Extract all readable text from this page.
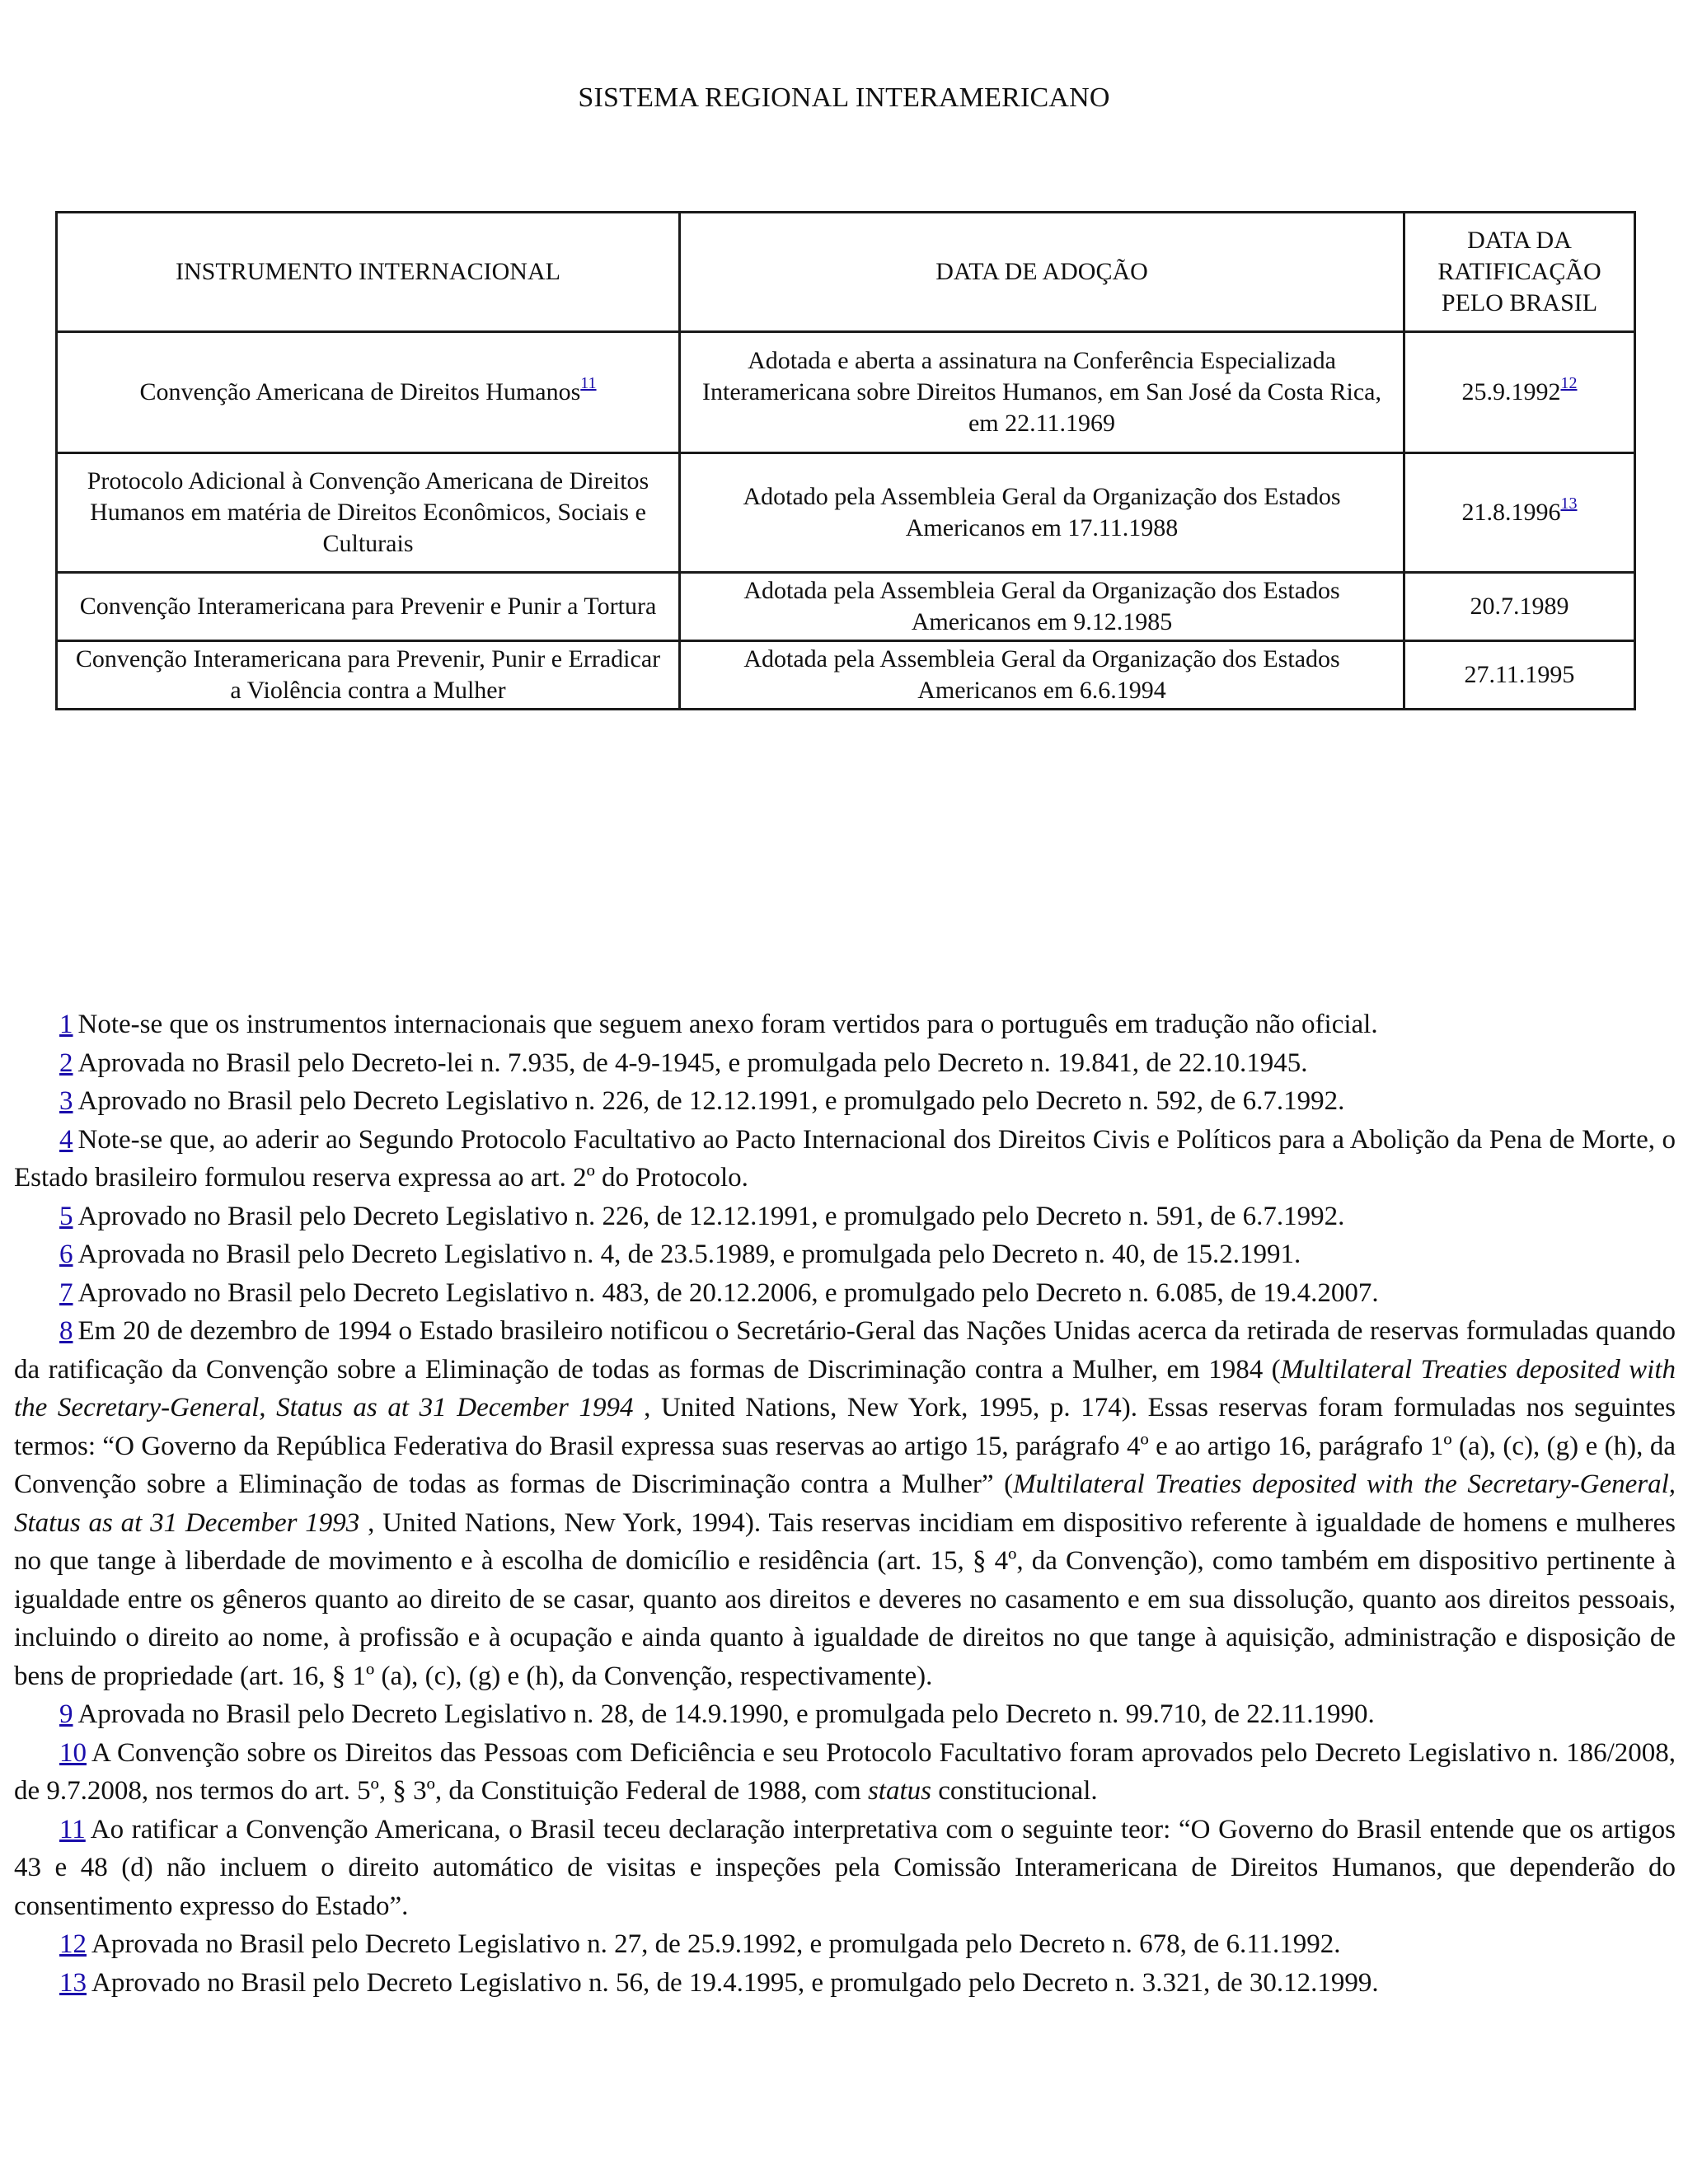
SISTEMA REGIONAL INTERAMERICANO
INSTRUMENTO INTERNACIONAL	DATA DE ADOÇÃO	DATA DA RATIFICAÇÃO PELO BRASIL
Convenção Americana de Direitos Humanos$^{11}$	Adotada e aberta a assinatura na Conferência Especializada Interamericana sobre Direitos Humanos, em San José da Costa Rica, em 22.11.1969	25.9.1992$^{12}$
Protocolo Adicional à Convenção Americana de Direitos Humanos em matéria de Direitos Econômicos, Sociais e Culturais	Adotado pela Assembleia Geral da Organização dos Estados Americanos em 17.11.1988	21.8.1996$^{13}$
Convenção Interamericana para Prevenir e Punir a Tortura	Adotada pela Assembleia Geral da Organização dos Estados Americanos em 9.12.1985	20.7.1989
Convenção Interamericana para Prevenir, Punir e Erradicar a Violência contra a Mulher	Adotada pela Assembleia Geral da Organização dos Estados Americanos em 6.6.1994	27.11.1995

1 Note-se que os instrumentos internacionais que seguem anexo foram vertidos para o português em tradução não oficial.

2 Aprovada no Brasil pelo Decreto-lei n. 7.935, de 4-9-1945, e promulgada pelo Decreto n. 19.841, de 22.10.1945.

3 Aprovado no Brasil pelo Decreto Legislativo n. 226, de 12.12.1991, e promulgado pelo Decreto n. 592, de 6.7.1992.

4 Note-se que, ao aderir ao Segundo Protocolo Facultativo ao Pacto Internacional dos Direitos Civis e Políticos para a Abolição da Pena de Morte, o Estado brasileiro formulou reserva expressa ao art. 2º do Protocolo.

5 Aprovado no Brasil pelo Decreto Legislativo n. 226, de 12.12.1991, e promulgado pelo Decreto n. 591, de 6.7.1992.

6 Aprovada no Brasil pelo Decreto Legislativo n. 4, de 23.5.1989, e promulgada pelo Decreto n. 40, de 15.2.1991.

7 Aprovado no Brasil pelo Decreto Legislativo n. 483, de 20.12.2006, e promulgado pelo Decreto n. 6.085, de 19.4.2007.

8 Em 20 de dezembro de 1994 o Estado brasileiro notificou o Secretário-Geral das Nações Unidas acerca da retirada de reservas formuladas quando da ratificação da Convenção sobre a Eliminação de todas as formas de Discriminação contra a Mulher, em 1984 (Multilateral Treaties deposited with the Secretary-General, Status as at 31 December 1994 , United Nations, New York, 1995, p. 174). Essas reservas foram formuladas nos seguintes termos: “O Governo da República Federativa do Brasil expressa suas reservas ao artigo 15, parágrafo 4º e ao artigo 16, parágrafo 1º (a), (c), (g) e (h), da Convenção sobre a Eliminação de todas as formas de Discriminação contra a Mulher” (Multilateral Treaties deposited with the Secretary-General, Status as at 31 December 1993 , United Nations, New York, 1994). Tais reservas incidiam em dispositivo referente à igualdade de homens e mulheres no que tange à liberdade de movimento e à escolha de domicílio e residência (art. 15, § 4º, da Convenção), como também em dispositivo pertinente à igualdade entre os gêneros quanto ao direito de se casar, quanto aos direitos e deveres no casamento e em sua dissolução, quanto aos direitos pessoais, incluindo o direito ao nome, à profissão e à ocupação e ainda quanto à igualdade de direitos no que tange à aquisição, administração e disposição de bens de propriedade (art. 16, § 1º (a), (c), (g) e (h), da Convenção, respectivamente).

9 Aprovada no Brasil pelo Decreto Legislativo n. 28, de 14.9.1990, e promulgada pelo Decreto n. 99.710, de 22.11.1990.

10 A Convenção sobre os Direitos das Pessoas com Deficiência e seu Protocolo Facultativo foram aprovados pelo Decreto Legislativo n. 186/2008, de 9.7.2008, nos termos do art. 5º, § 3º, da Constituição Federal de 1988, com status constitucional.

11 Ao ratificar a Convenção Americana, o Brasil teceu declaração interpretativa com o seguinte teor: “O Governo do Brasil entende que os artigos 43 e 48 (d) não incluem o direito automático de visitas e inspeções pela Comissão Interamericana de Direitos Humanos, que dependerão do consentimento expresso do Estado”.

12 Aprovada no Brasil pelo Decreto Legislativo n. 27, de 25.9.1992, e promulgada pelo Decreto n. 678, de 6.11.1992.

13 Aprovado no Brasil pelo Decreto Legislativo n. 56, de 19.4.1995, e promulgado pelo Decreto n. 3.321, de 30.12.1999.
